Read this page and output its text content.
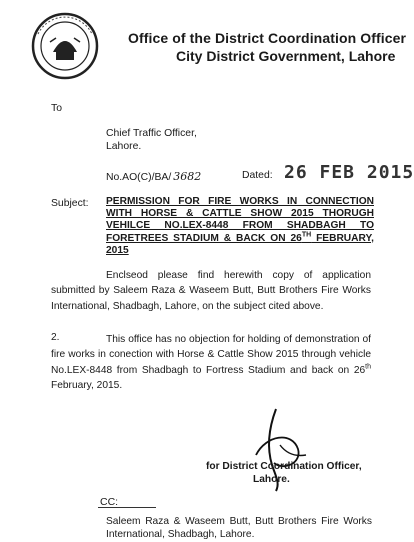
Office of the District Coordination Officer
City District Government, Lahore
To
Chief Traffic Officer,
Lahore.
No.AO(C)/BA/ 3682	Dated: 26 FEB 2015
Subject: PERMISSION FOR FIRE WORKS IN CONNECTION WITH HORSE & CATTLE SHOW 2015 THORUGH VEHILCE NO.LEX-8448 FROM SHADBAGH TO FORETREES STADIUM & BACK ON 26TH FEBRUARY, 2015
Enclseod please find herewith copy of application submitted by Saleem Raza & Waseem Butt, Butt Brothers Fire Works International, Shadbagh, Lahore, on the subject cited above.
2.	This office has no objection for holding of demonstration of fire works in conection with Horse & Cattle Show 2015 through vehicle No.LEX-8448 from Shadbagh to Fortress Stadium and back on 26th February, 2015.
for District Coordination Officer,
Lahore.
CC:
Saleem Raza & Waseem Butt, Butt Brothers Fire Works International, Shadbagh, Lahore.
